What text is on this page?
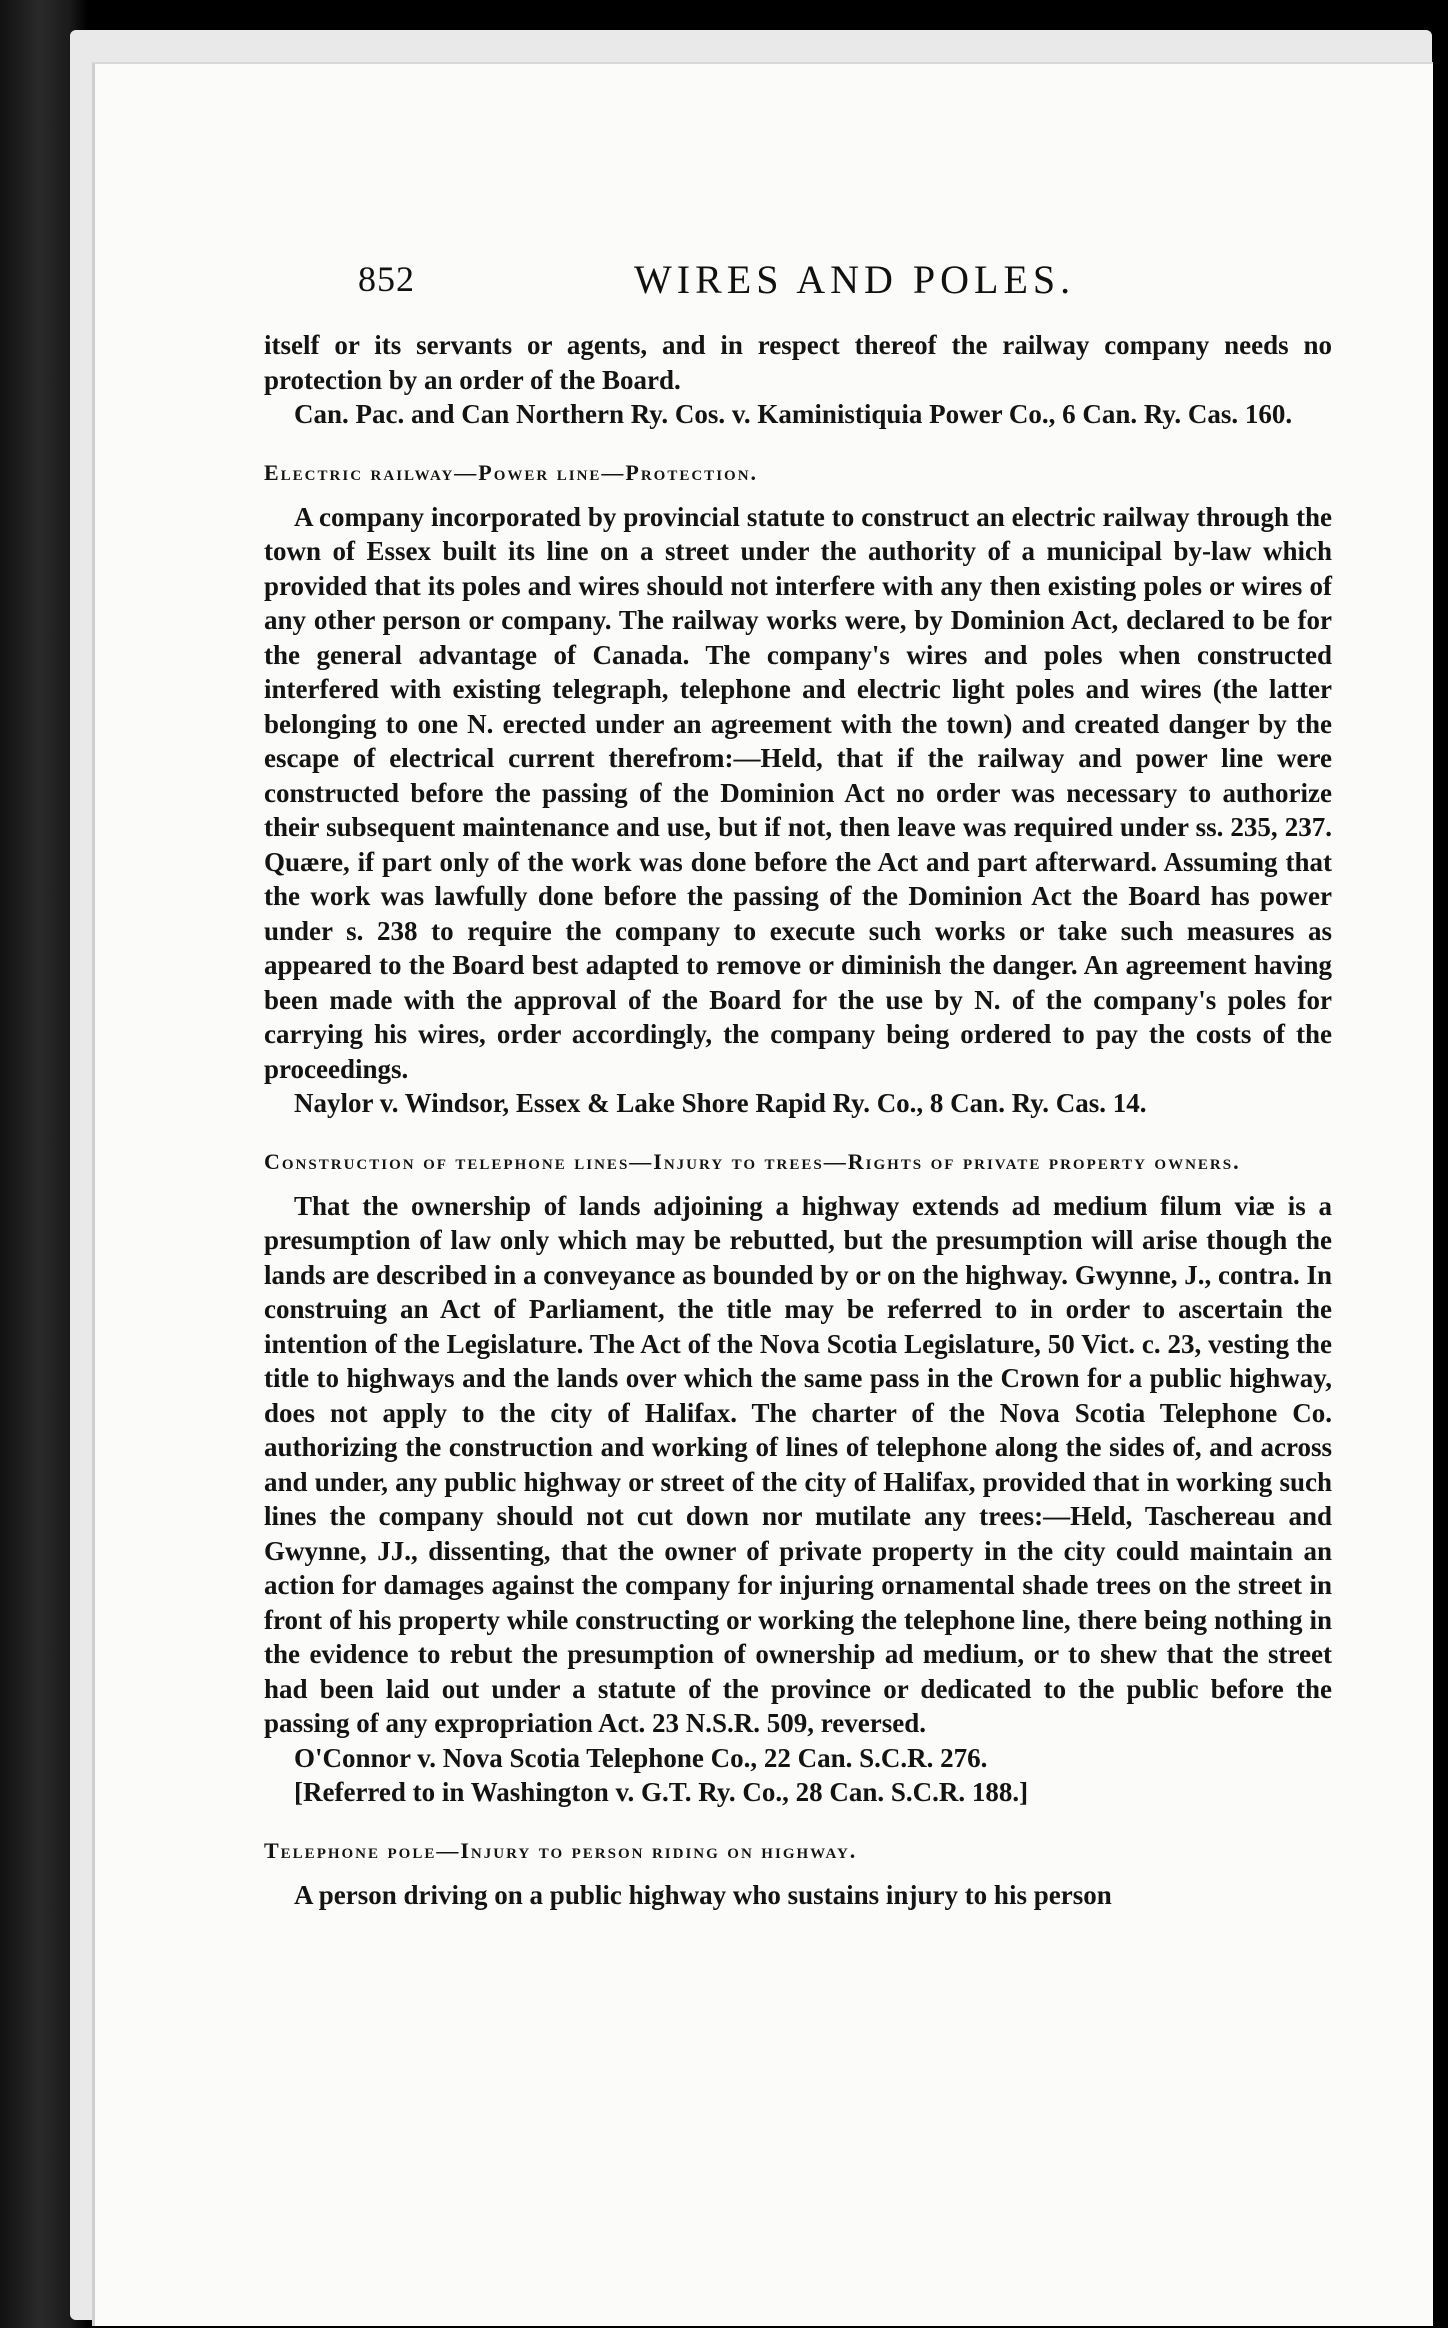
852	WIRES AND POLES.

itself or its servants or agents, and in respect thereof the railway company needs no protection by an order of the Board.

Can. Pac. and Can Northern Ry. Cos. v. Kaministiquia Power Co., 6 Can. Ry. Cas. 160.

Electric railway—Power line—Protection.

A company incorporated by provincial statute to construct an electric railway through the town of Essex built its line on a street under the authority of a municipal by-law which provided that its poles and wires should not interfere with any then existing poles or wires of any other person or company. The railway works were, by Dominion Act, declared to be for the general advantage of Canada. The company's wires and poles when constructed interfered with existing telegraph, telephone and electric light poles and wires (the latter belonging to one N. erected under an agreement with the town) and created danger by the escape of electrical current therefrom:—Held, that if the railway and power line were constructed before the passing of the Dominion Act no order was necessary to authorize their subsequent maintenance and use, but if not, then leave was required under ss. 235, 237. Quære, if part only of the work was done before the Act and part afterward. Assuming that the work was lawfully done before the passing of the Dominion Act the Board has power under s. 238 to require the company to execute such works or take such measures as appeared to the Board best adapted to remove or diminish the danger. An agreement having been made with the approval of the Board for the use by N. of the company's poles for carrying his wires, order accordingly, the company being ordered to pay the costs of the proceedings.

Naylor v. Windsor, Essex & Lake Shore Rapid Ry. Co., 8 Can. Ry. Cas. 14.

Construction of telephone lines—Injury to trees—Rights of private property owners.

That the ownership of lands adjoining a highway extends ad medium filum viæ is a presumption of law only which may be rebutted, but the presumption will arise though the lands are described in a conveyance as bounded by or on the highway. Gwynne, J., contra. In construing an Act of Parliament, the title may be referred to in order to ascertain the intention of the Legislature. The Act of the Nova Scotia Legislature, 50 Vict. c. 23, vesting the title to highways and the lands over which the same pass in the Crown for a public highway, does not apply to the city of Halifax. The charter of the Nova Scotia Telephone Co. authorizing the construction and working of lines of telephone along the sides of, and across and under, any public highway or street of the city of Halifax, provided that in working such lines the company should not cut down nor mutilate any trees:—Held, Taschereau and Gwynne, JJ., dissenting, that the owner of private property in the city could maintain an action for damages against the company for injuring ornamental shade trees on the street in front of his property while constructing or working the telephone line, there being nothing in the evidence to rebut the presumption of ownership ad medium, or to shew that the street had been laid out under a statute of the province or dedicated to the public before the passing of any expropriation Act. 23 N.S.R. 509, reversed.

O'Connor v. Nova Scotia Telephone Co., 22 Can. S.C.R. 276.

[Referred to in Washington v. G.T. Ry. Co., 28 Can. S.C.R. 188.]

Telephone pole—Injury to person riding on highway.

A person driving on a public highway who sustains injury to his person
